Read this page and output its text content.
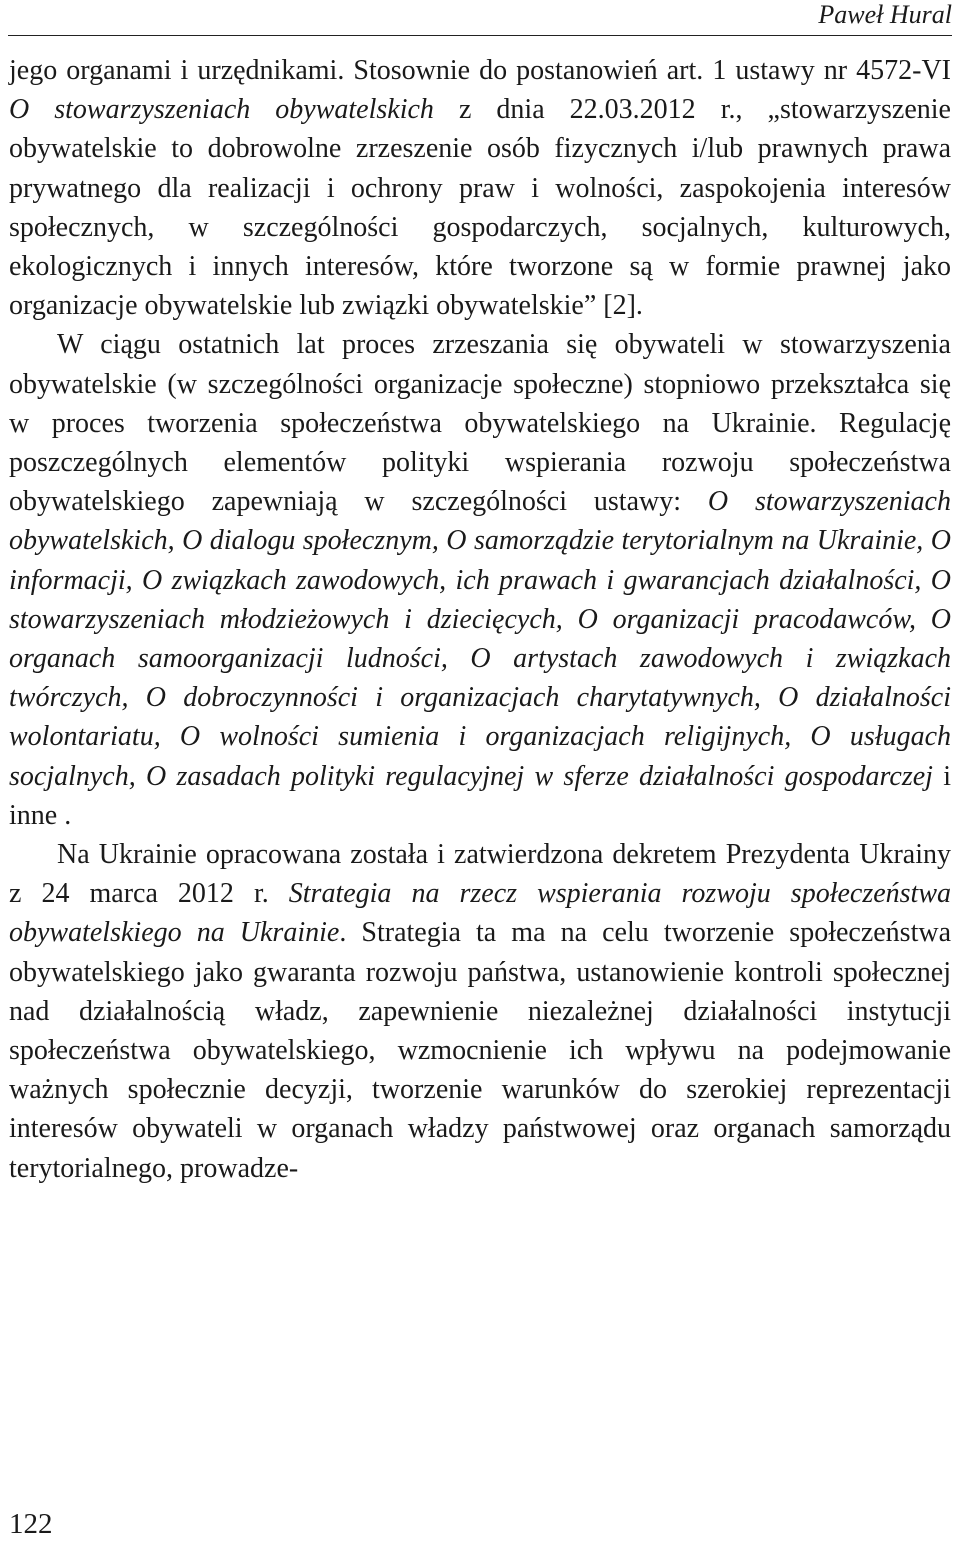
Paweł Hural

jego organami i urzędnikami. Stosownie do postanowień art. 1 ustawy nr 4572-VI O stowarzyszeniach obywatelskich z dnia 22.03.2012 r., „stowarzyszenie obywatelskie to dobrowolne zrzeszenie osób fizycznych i/lub prawnych prawa prywatnego dla realizacji i ochrony praw i wolności, zaspokojenia interesów społecznych, w szczególności gospodarczych, socjalnych, kulturowych, ekologicznych i innych interesów, które tworzone są w formie prawnej jako organizacje obywatelskie lub związki obywatelskie” [2].

W ciągu ostatnich lat proces zrzeszania się obywateli w stowarzyszenia obywatelskie (w szczególności organizacje społeczne) stopniowo przekształca się w proces tworzenia społeczeństwa obywatelskiego na Ukrainie. Regulację poszczególnych elementów polityki wspierania rozwoju społeczeństwa obywatelskiego zapewniają w szczególności ustawy: O stowarzyszeniach obywatelskich, O dialogu społecznym, O samorządzie terytorialnym na Ukrainie, O informacji, O związkach zawodowych, ich prawach i gwarancjach działalności, O stowarzyszeniach młodzieżowych i dziecięcych, O organizacji pracodawców, O organach samoorganizacji ludności, O artystach zawodowych i związkach twórczych, O dobroczynności i organizacjach charytatywnych, O działalności wolontariatu, O wolności sumienia i organizacjach religijnych, O usługach socjalnych, O zasadach polityki regulacyjnej w sferze działalności gospodarczej i inne .

Na Ukrainie opracowana została i zatwierdzona dekretem Prezydenta Ukrainy z 24 marca 2012 r. Strategia na rzecz wspierania rozwoju społeczeństwa obywatelskiego na Ukrainie. Strategia ta ma na celu tworzenie społeczeństwa obywatelskiego jako gwaranta rozwoju państwa, ustanowienie kontroli społecznej nad działalnością władz, zapewnienie niezależnej działalności instytucji społeczeństwa obywatelskiego, wzmocnienie ich wpływu na podejmowanie ważnych społecznie decyzji, tworzenie warunków do szerokiej reprezentacji interesów obywateli w organach władzy państwowej oraz organach samorządu terytorialnego, prowadze-

122
